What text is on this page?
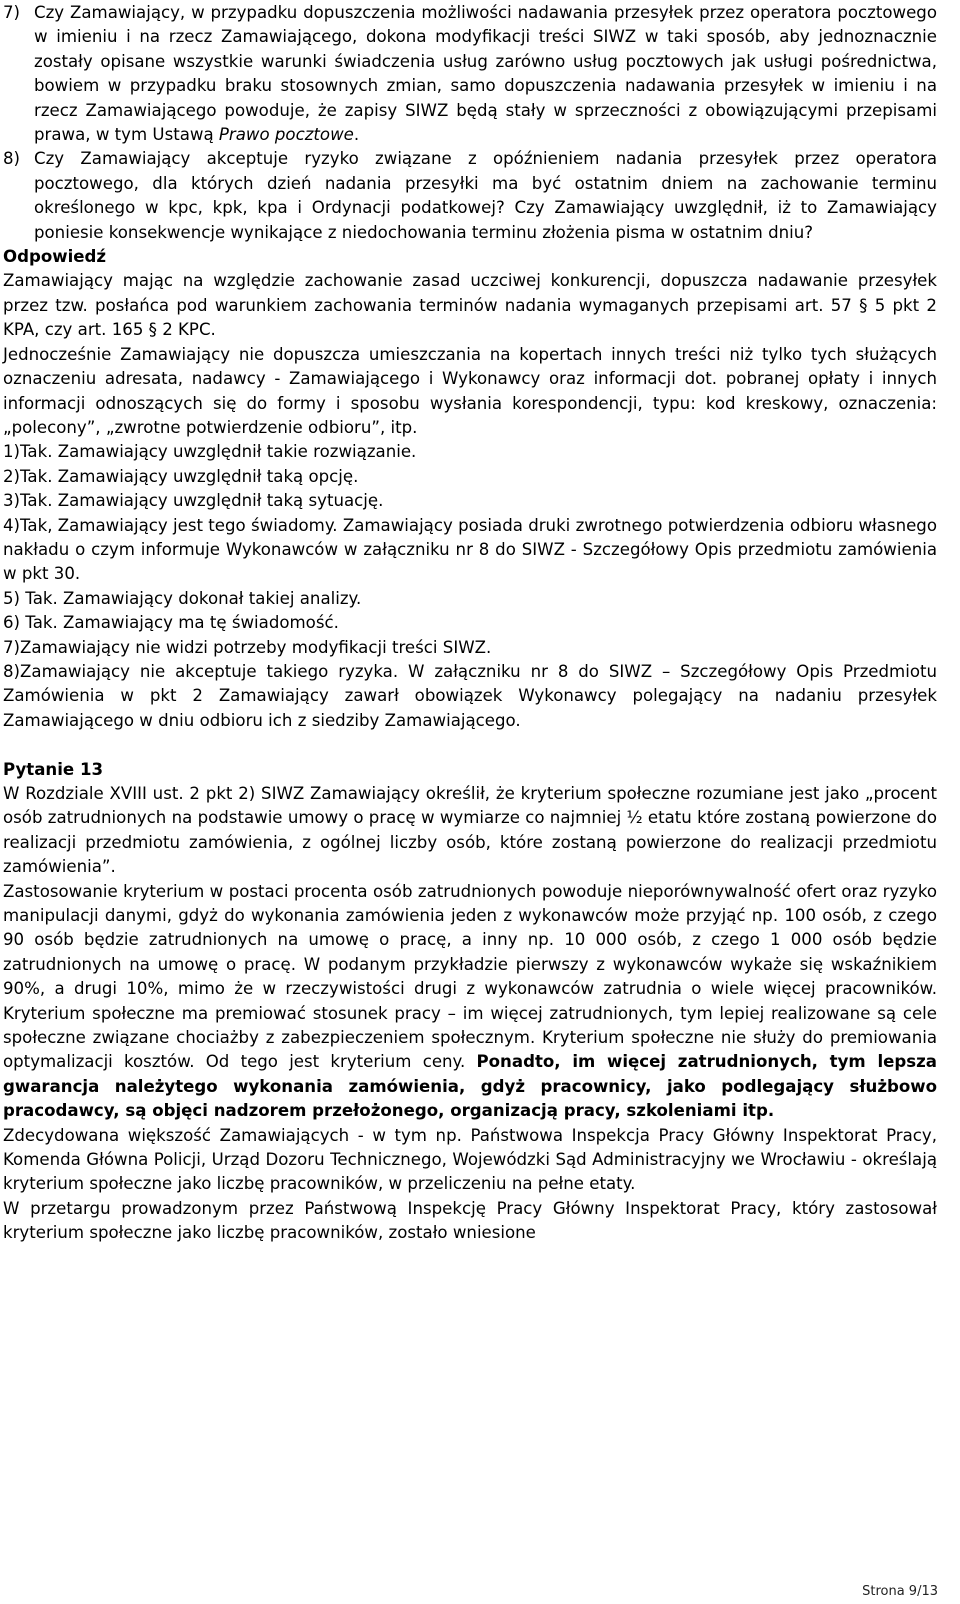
7) Czy Zamawiający, w przypadku dopuszczenia możliwości nadawania przesyłek przez operatora pocztowego w imieniu i na rzecz Zamawiającego, dokona modyfikacji treści SIWZ w taki sposób, aby jednoznacznie zostały opisane wszystkie warunki świadczenia usług zarówno usług pocztowych jak usługi pośrednictwa, bowiem w przypadku braku stosownych zmian, samo dopuszczenia nadawania przesyłek w imieniu i na rzecz Zamawiającego powoduje, że zapisy SIWZ będą stały w sprzeczności z obowiązującymi przepisami prawa, w tym Ustawą Prawo pocztowe.

8) Czy Zamawiający akceptuje ryzyko związane z opóźnieniem nadania przesyłek przez operatora pocztowego, dla których dzień nadania przesyłki ma być ostatnim dniem na zachowanie terminu określonego w kpc, kpk, kpa i Ordynacji podatkowej? Czy Zamawiający uwzględnił, iż to Zamawiający poniesie konsekwencje wynikające z niedochowania terminu złożenia pisma w ostatnim dniu?

Odpowiedź

Zamawiający mając na względzie zachowanie zasad uczciwej konkurencji, dopuszcza nadawanie przesyłek przez tzw. posłańca pod warunkiem zachowania terminów nadania wymaganych przepisami art. 57 § 5 pkt 2 KPA, czy art. 165 § 2 KPC.

Jednocześnie Zamawiający nie dopuszcza umieszczania na kopertach innych treści niż tylko tych służących oznaczeniu adresata, nadawcy - Zamawiającego i Wykonawcy oraz informacji dot. pobranej opłaty i innych informacji odnoszących się do formy i sposobu wysłania korespondencji, typu: kod kreskowy, oznaczenia: „polecony”, „zwrotne potwierdzenie odbioru”, itp.

1)Tak. Zamawiający uwzględnił takie rozwiązanie.

2)Tak. Zamawiający uwzględnił taką opcję.

3)Tak. Zamawiający uwzględnił taką sytuację.

4)Tak, Zamawiający jest tego świadomy. Zamawiający posiada druki zwrotnego potwierdzenia odbioru własnego nakładu o czym informuje Wykonawców w załączniku nr 8 do SIWZ - Szczegółowy Opis przedmiotu zamówienia w pkt 30.

5) Tak. Zamawiający dokonał takiej analizy.

6) Tak. Zamawiający ma tę świadomość.

7)Zamawiający nie widzi potrzeby modyfikacji treści SIWZ.

8)Zamawiający nie akceptuje takiego ryzyka. W załączniku nr 8 do SIWZ – Szczegółowy Opis Przedmiotu Zamówienia w pkt 2 Zamawiający zawarł obowiązek Wykonawcy polegający na nadaniu przesyłek Zamawiającego w dniu odbioru ich z siedziby Zamawiającego.

Pytanie 13

W Rozdziale XVIII ust. 2 pkt 2) SIWZ Zamawiający określił, że kryterium społeczne rozumiane jest jako „procent osób zatrudnionych na podstawie umowy o pracę w wymiarze co najmniej ½ etatu które zostaną powierzone do realizacji przedmiotu zamówienia, z ogólnej liczby osób, które zostaną powierzone do realizacji przedmiotu zamówienia”.

Zastosowanie kryterium w postaci procenta osób zatrudnionych powoduje nieporównywalność ofert oraz ryzyko manipulacji danymi, gdyż do wykonania zamówienia jeden z wykonawców może przyjąć np. 100 osób, z czego 90 osób będzie zatrudnionych na umowę o pracę, a inny np. 10 000 osób, z czego 1 000 osób będzie zatrudnionych na umowę o pracę. W podanym przykładzie pierwszy z wykonawców wykaże się wskaźnikiem 90%, a drugi 10%, mimo że w rzeczywistości drugi z wykonawców zatrudnia o wiele więcej pracowników. Kryterium społeczne ma premiować stosunek pracy – im więcej zatrudnionych, tym lepiej realizowane są cele społeczne związane chociażby z zabezpieczeniem społecznym. Kryterium społeczne nie służy do premiowania optymalizacji kosztów. Od tego jest kryterium ceny. Ponadto, im więcej zatrudnionych, tym lepsza gwarancja należytego wykonania zamówienia, gdyż pracownicy, jako podlegający służbowo pracodawcy, są objęci nadzorem przełożonego, organizacją pracy, szkoleniami itp.

Zdecydowana większość Zamawiających - w tym np. Państwowa Inspekcja Pracy Główny Inspektorat Pracy, Komenda Główna Policji, Urząd Dozoru Technicznego, Wojewódzki Sąd Administracyjny we Wrocławiu - określają kryterium społeczne jako liczbę pracowników, w przeliczeniu na pełne etaty.

W przetargu prowadzonym przez Państwową Inspekcję Pracy Główny Inspektorat Pracy, który zastosował kryterium społeczne jako liczbę pracowników, zostało wniesione

Strona 9/13
